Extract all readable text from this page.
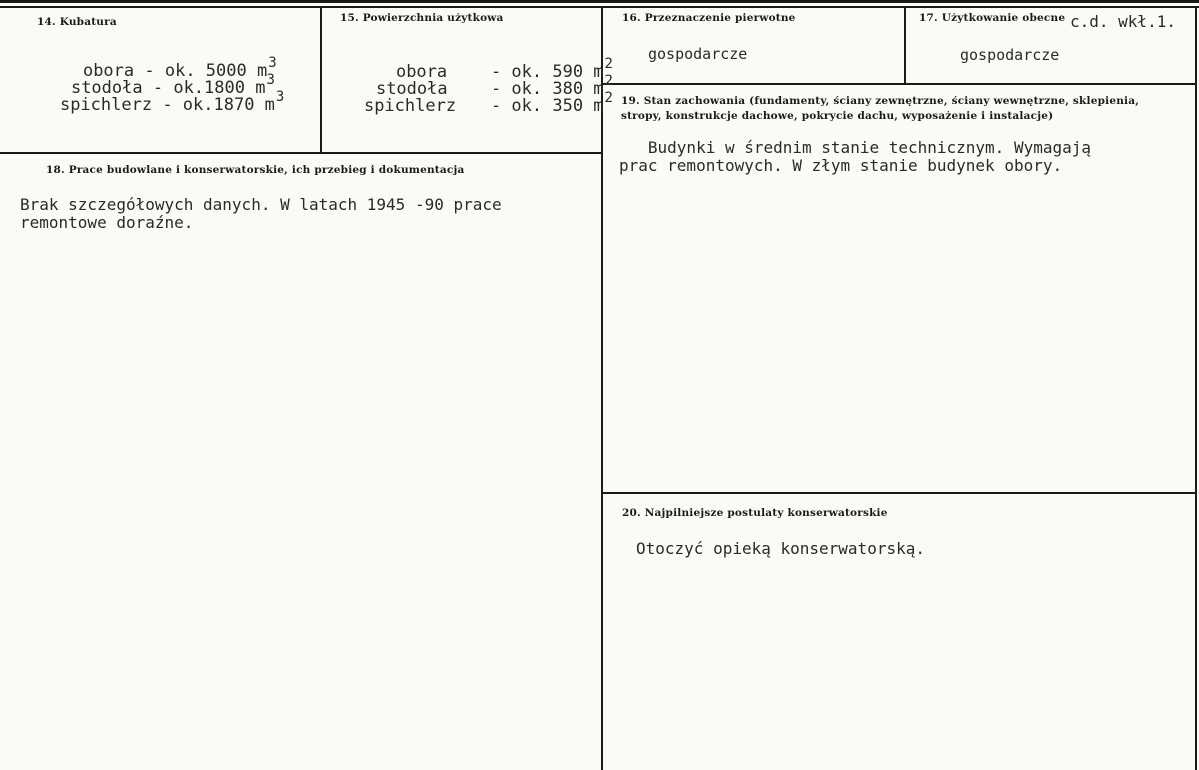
14. Kubatura

obora - ok. 5000 $m^3$

stodoła - ok.1800 $m^3$

spichlerz - ok.1870 $m^3$

15. Powierzchnia użytkowa

obora
	- ok. 590 $m^2$

stodoła
	- ok. 380 $m^2$

spichlerz
	- ok. 350 $m^2$

16. Przeznaczenie pierwotne
gospodarcze
17. Użytkowanie obecne c.d. wkł.1.
gospodarcze
18. Prace budowlane i konserwatorskie, ich przebieg i dokumentacja
Brak szczegółowych danych. W latach 1945 -90 prace
remontowe doraźne.
19. Stan zachowania (fundamenty, ściany zewnętrzne, ściany wewnętrzne, sklepienia, stropy, konstrukcje dachowe, pokrycie dachu, wyposażenie i instalacje)
Budynki w średnim stanie technicznym. Wymagają
prac remontowych. W złym stanie budynek obory.
20. Najpilniejsze postulaty konserwatorskie
Otoczyć opieką konserwatorską.
